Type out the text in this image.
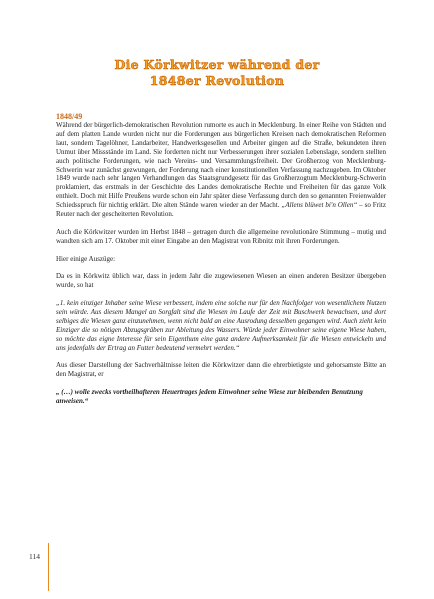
Die Körkwitzer während der
1848er Revolution
1848/49

Während der bürgerlich-demokratischen Revolution rumorte es auch in Mecklenburg. In einer Reihe von Städten und auf dem platten Lande wurden nicht nur die Forderungen aus bürgerlichen Kreisen nach demokratischen Reformen laut, sondern Tagelöhner, Landarbeiter, Handwerksgesellen und Arbeiter gingen auf die Straße, bekundeten ihren Unmut über Missstände im Land. Sie forderten nicht nur Verbesserungen ihrer sozialen Lebenslage, sondern stellten auch politische Forderungen, wie nach Vereins- und Versammlungsfreiheit. Der Großherzog von Mecklenburg-Schwerin war zunächst gezwungen, der Forderung nach einer konstitutionellen Verfassung nachzugeben. Im Oktober 1849 wurde nach sehr langen Verhandlungen das Staatsgrundgesetz für das Großherzogtum Mecklenburg-Schwerin proklamiert, das erstmals in der Geschichte des Landes demokratische Rechte und Freiheiten für das ganze Volk enthielt. Doch mit Hilfe Preußens wurde schon ein Jahr später diese Verfassung durch den so genannten Freienwalder Schiedsspruch für nichtig erklärt. Die alten Stände waren wieder an der Macht. „Allens blüwet bi'n Ollen“ – so Fritz Reuter nach der gescheiterten Revolution.

Auch die Körkwitzer wurden im Herbst 1848 – getragen durch die allgemeine revolutionäre Stimmung – mutig und wandten sich am 17. Oktober mit einer Eingabe an den Magistrat von Ribnitz mit ihren Forderungen.

Hier einige Auszüge:

Da es in Körkwitz üblich war, dass in jedem Jahr die zugewiesenen Wiesen an einen anderen Besitzer übergeben wurde, so hat

„1. kein einziger Inhaber seine Wiese verbessert, indem eine solche nur für den Nachfolger von wesentlichem Nutzen sein würde. Aus diesem Mangel an Sorgfalt sind die Wiesen im Laufe der Zeit mit Buschwerk bewachsen, und dort selbiges die Wiesen ganz einzunehmen, wenn nicht bald an eine Ausrodung desselben gegangen wird. Auch zieht kein Einziger die so nötigen Abzugsgräben zur Ableitung des Wassers. Würde jeder Einwohner seine eigene Wiese haben, so möchte das eigne Interesse für sein Eigenthum eine ganz andere Aufmerksamkeit für die Wiesen entwickeln und uns jedenfalls der Ertrag an Futter bedeutend vermehrt werden.“

Aus dieser Darstellung der Sachverhältnisse leiten die Körkwitzer dann die ehrerbietigste und gehorsamste Bitte an den Magistrat, er

„ (…) wolle zwecks vortheilhafteren Heuertrages jedem Einwohner seine Wiese zur bleibenden Benutzung anweisen.“

114
